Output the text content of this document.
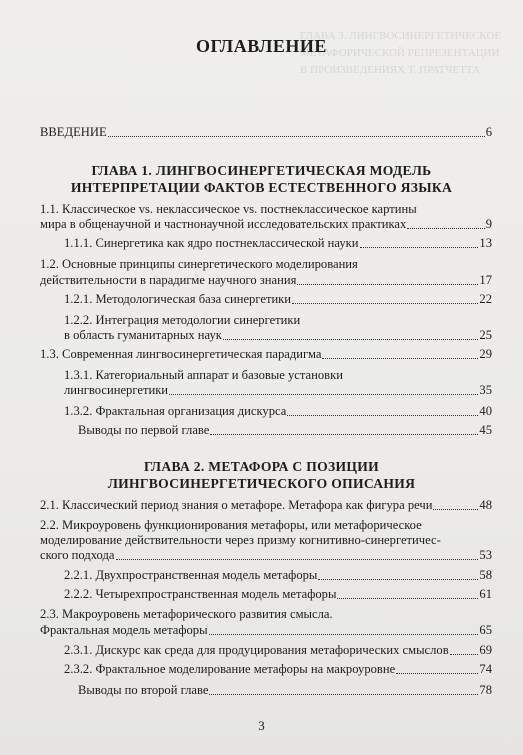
ГЛАВА 3. ЛИНГВОСИНЕРГЕТИЧЕСКОЕ
МЕТАФОРИЧЕСКОЙ РЕПРЕЗЕНТАЦИИ
В ПРОИЗВЕДЕНИЯХ Т. ПРАТЧЕТТА
ОГЛАВЛЕНИЕ
ВВЕДЕНИЕ	6
ГЛАВА 1. ЛИНГВОСИНЕРГЕТИЧЕСКАЯ МОДЕЛЬ
ИНТЕРПРЕТАЦИИ ФАКТОВ ЕСТЕСТВЕННОГО ЯЗЫКА
1.1. Классическое vs. неклассическое vs. постнеклассическое картины
мира в общенаучной и частнонаучной исследовательских практиках	9
1.1.1. Синергетика как ядро постнеклассической науки	13
1.2. Основные принципы синергетического моделирования
действительности в парадигме научного знания	17
1.2.1. Методологическая база синергетики	22
1.2.2. Интеграция методологии синергетики
в область гуманитарных наук	25
1.3. Современная лингвосинергетическая парадигма	29
1.3.1. Категориальный аппарат и базовые установки
лингвосинергетики	35
1.3.2. Фрактальная организация дискурса	40
Выводы по первой главе	45
ГЛАВА 2. МЕТАФОРА С ПОЗИЦИИ
ЛИНГВОСИНЕРГЕТИЧЕСКОГО ОПИСАНИЯ
2.1. Классический период знания о метафоре. Метафора как фигура речи	48
2.2. Микроуровень функционирования метафоры, или метафорическое
моделирование действительности через призму когнитивно-синергетичес-
ского подхода	53
2.2.1. Двухпространственная модель метафоры	58
2.2.2. Четырехпространственная модель метафоры	61
2.3. Макроуровень метафорического развития смысла.
Фрактальная модель метафоры	65
2.3.1. Дискурс как среда для продуцирования метафорических смыслов 69
2.3.2. Фрактальное моделирование метафоры на макроуровне	74
Выводы по второй главе	78
3
